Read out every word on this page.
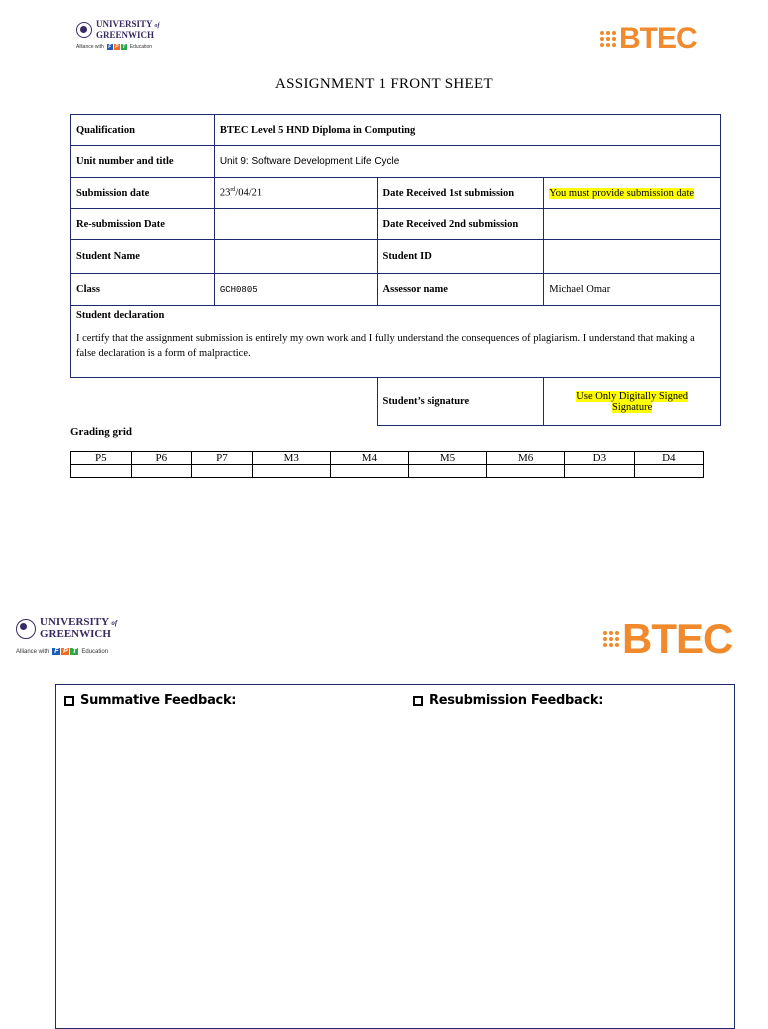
UNIVERSITY of
GREENWICH
Alliance with F P T Education	BTEC
ASSIGNMENT 1 FRONT SHEET
Qualification	BTEC Level 5 HND Diploma in Computing		
Unit number and title	Unit 9: Software Development Life Cycle		
Submission date	23rd/04/21	Date Received 1st submission	You must provide submission date
Re-submission Date		Date Received 2nd submission	
Student Name		Student ID	
Class	GCH0805	Assessor name	Michael Omar

Student declaration
I certify that the assignment submission is entirely my own work and I fully understand the consequences of plagiarism. I understand that making a false declaration is a form of malpractice.			

		Student’s signature	Use Only Digitally Signed
Signature
Grading grid
P5	P6	P7	M3	M4	M5	M6	D3	D4

UNIVERSITY of
GREENWICH
Alliance with F P T Education	BTEC
Summative Feedback:	Resubmission Feedback:
